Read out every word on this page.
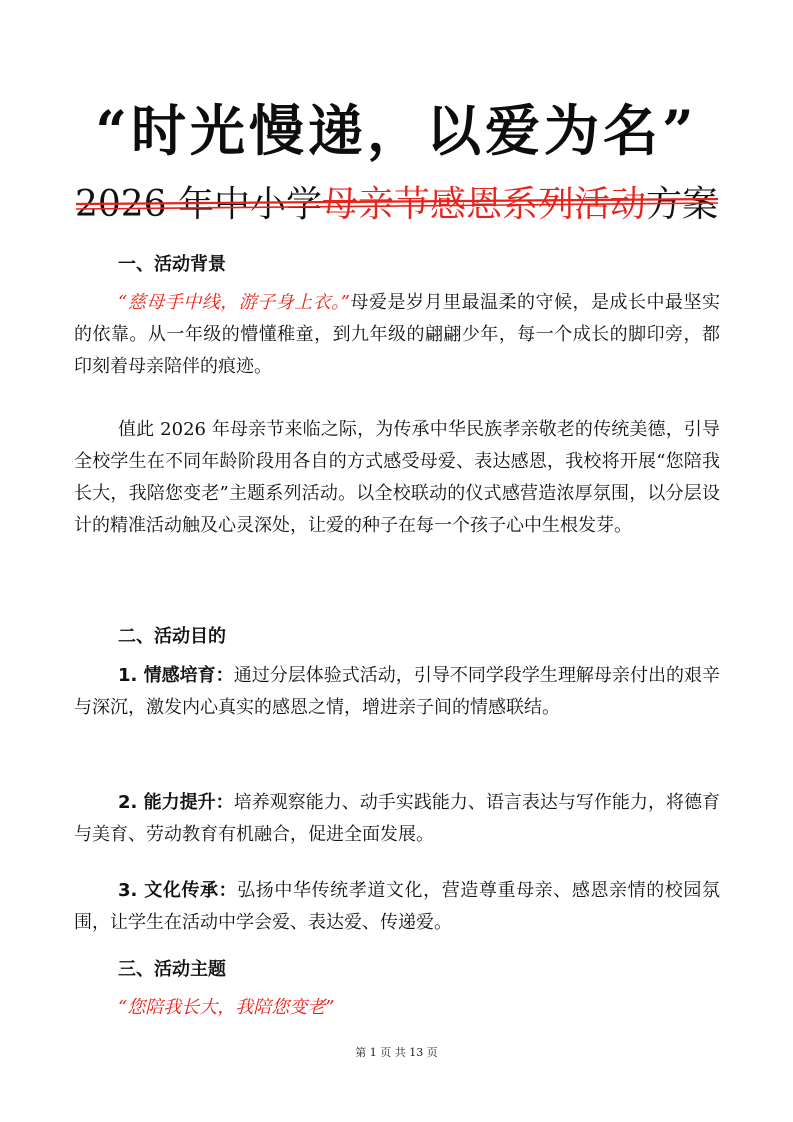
“时光慢递，以爱为名”
2026 年中小学母亲节感恩系列活动方案
一、活动背景
“慈母手中线，游子身上衣。”母爱是岁月里最温柔的守候，是成长中最坚实的依靠。从一年级的懵懂稚童，到九年级的翩翩少年，每一个成长的脚印旁，都印刻着母亲陪伴的痕迹。
值此 2026 年母亲节来临之际，为传承中华民族孝亲敬老的传统美德，引导全校学生在不同年龄阶段用各自的方式感受母爱、表达感恩，我校将开展“您陪我长大，我陪您变老”主题系列活动。以全校联动的仪式感营造浓厚氛围，以分层设计的精准活动触及心灵深处，让爱的种子在每一个孩子心中生根发芽。
二、活动目的
1. 情感培育：通过分层体验式活动，引导不同学段学生理解母亲付出的艰辛与深沉，激发内心真实的感恩之情，增进亲子间的情感联结。
2. 能力提升：培养观察能力、动手实践能力、语言表达与写作能力，将德育与美育、劳动教育有机融合，促进全面发展。
3. 文化传承：弘扬中华传统孝道文化，营造尊重母亲、感恩亲情的校园氛围，让学生在活动中学会爱、表达爱、传递爱。
三、活动主题
“您陪我长大，我陪您变老”
第 1 页 共 13 页
